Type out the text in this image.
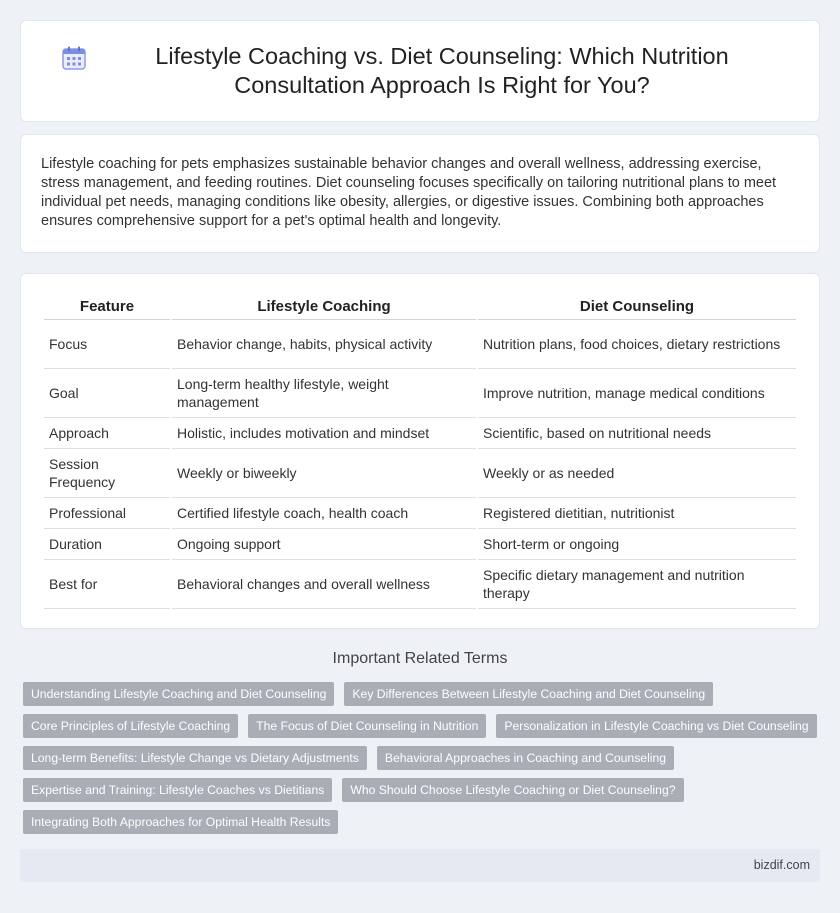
Lifestyle Coaching vs. Diet Counseling: Which Nutrition Consultation Approach Is Right for You?

Lifestyle coaching for pets emphasizes sustainable behavior changes and overall wellness, addressing exercise, stress management, and feeding routines. Diet counseling focuses specifically on tailoring nutritional plans to meet individual pet needs, managing conditions like obesity, allergies, or digestive issues. Combining both approaches ensures comprehensive support for a pet's optimal health and longevity.

Feature	Lifestyle Coaching	Diet Counseling
Focus	Behavior change, habits, physical activity	Nutrition plans, food choices, dietary restrictions
Goal	Long-term healthy lifestyle, weight management	Improve nutrition, manage medical conditions
Approach	Holistic, includes motivation and mindset	Scientific, based on nutritional needs
Session Frequency	Weekly or biweekly	Weekly or as needed
Professional	Certified lifestyle coach, health coach	Registered dietitian, nutritionist
Duration	Ongoing support	Short-term or ongoing
Best for	Behavioral changes and overall wellness	Specific dietary management and nutrition therapy
Important Related Terms
Understanding Lifestyle Coaching and Diet Counseling	Key Differences Between Lifestyle Coaching and Diet Counseling
Core Principles of Lifestyle Coaching	The Focus of Diet Counseling in Nutrition	Personalization in Lifestyle Coaching vs Diet Counseling
Long-term Benefits: Lifestyle Change vs Dietary Adjustments	Behavioral Approaches in Coaching and Counseling
Expertise and Training: Lifestyle Coaches vs Dietitians	Who Should Choose Lifestyle Coaching or Diet Counseling?
Integrating Both Approaches for Optimal Health Results
bizdif.com
